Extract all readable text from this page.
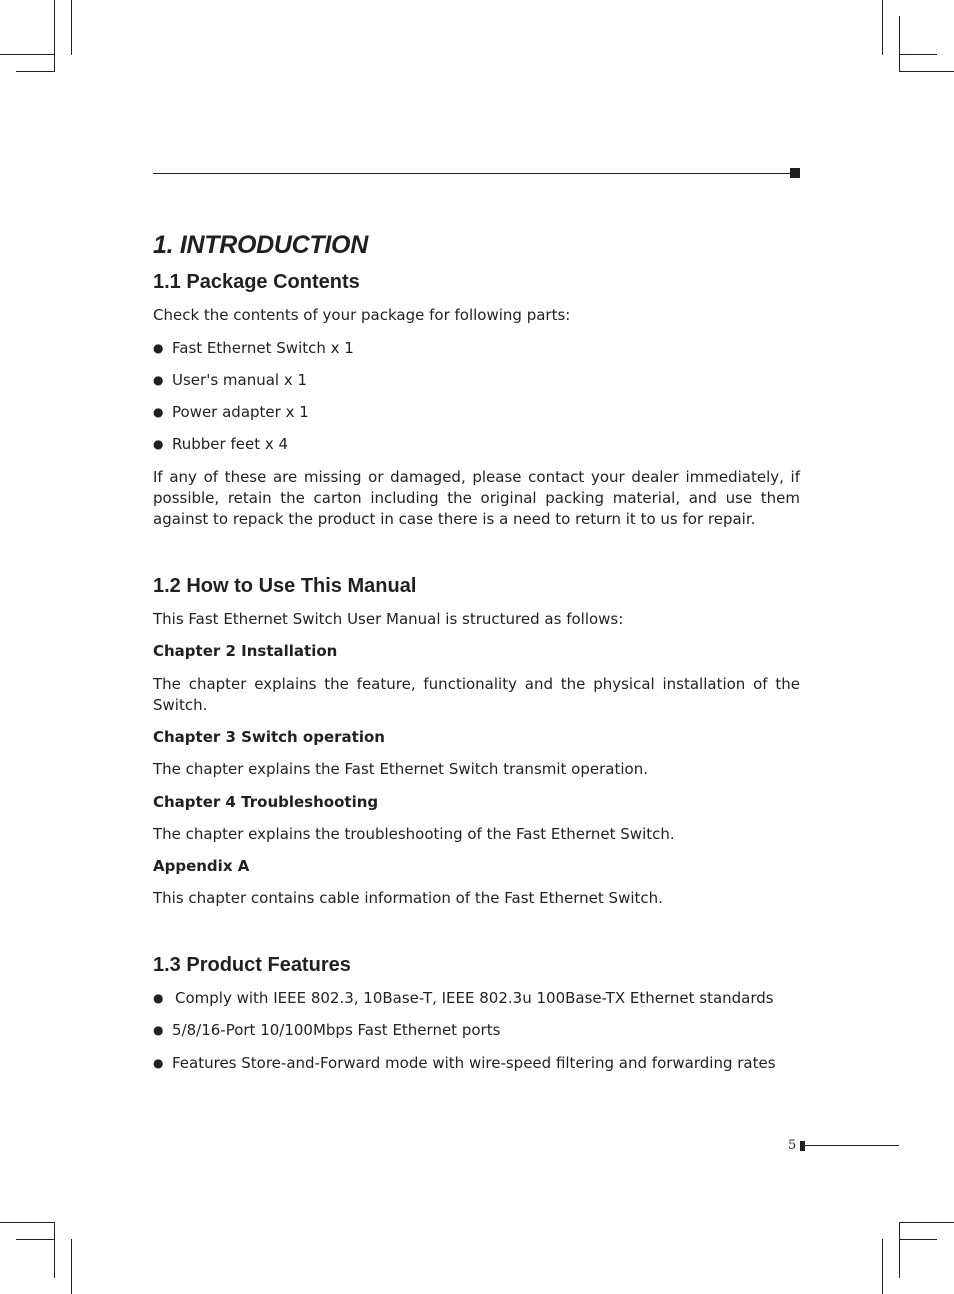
1. INTRODUCTION
1.1 Package Contents

Check the contents of your package for following parts:

● Fast Ethernet Switch x 1
● User's manual x 1
● Power adapter x 1
● Rubber feet x 4

If any of these are missing or damaged, please contact your dealer immediately, if possible, retain the carton including the original packing material, and use them against to repack the product in case there is a need to return it to us for repair.

1.2 How to Use This Manual

This Fast Ethernet Switch User Manual is structured as follows:

Chapter 2 Installation

The chapter explains the feature, functionality and the physical installation of the Switch.

Chapter 3 Switch operation

The chapter explains the Fast Ethernet Switch transmit operation.

Chapter 4 Troubleshooting

The chapter explains the troubleshooting of the Fast Ethernet Switch.

Appendix A

This chapter contains cable information of the Fast Ethernet Switch.

1.3 Product Features
● Comply with IEEE 802.3, 10Base-T, IEEE 802.3u 100Base-TX Ethernet standards
● 5/8/16-Port 10/100Mbps Fast Ethernet ports
● Features Store-and-Forward mode with wire-speed filtering and forwarding rates
5
